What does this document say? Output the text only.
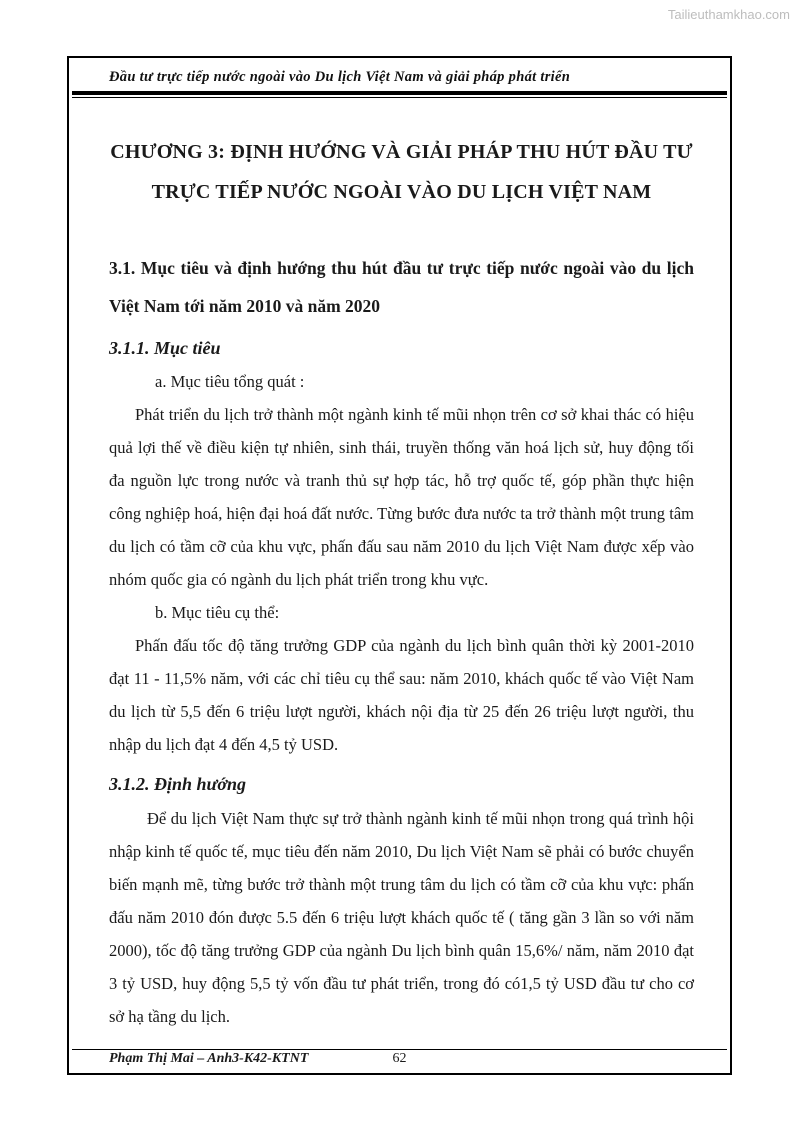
Tailieuthamkhao.com
Đầu tư trực tiếp nước ngoài vào Du lịch Việt Nam và giải pháp phát triển
CHƯƠNG 3: ĐỊNH HƯỚNG VÀ GIẢI PHÁP THU HÚT ĐẦU TƯ TRỰC TIẾP NƯỚC NGOÀI VÀO DU LỊCH VIỆT NAM
3.1. Mục tiêu và định hướng thu hút đầu tư trực tiếp nước ngoài vào du lịch Việt Nam tới năm 2010 và năm 2020
3.1.1. Mục tiêu

a. Mục tiêu tổng quát :

Phát triển du lịch trở thành một ngành kinh tế mũi nhọn trên cơ sở khai thác có hiệu quả lợi thế về điều kiện tự nhiên, sinh thái, truyền thống văn hoá lịch sử, huy động tối đa nguồn lực trong nước và tranh thủ sự hợp tác, hỗ trợ quốc tế, góp phần thực hiện công nghiệp hoá, hiện đại hoá đất nước. Từng bước đưa nước ta trở thành một trung tâm du lịch có tầm cỡ của khu vực, phấn đấu sau năm 2010 du lịch Việt Nam được xếp vào nhóm quốc gia có ngành du lịch phát triển trong khu vực.

b. Mục tiêu cụ thể:

Phấn đấu tốc độ tăng trưởng GDP của ngành du lịch bình quân thời kỳ 2001-2010 đạt 11 - 11,5% năm, với các chỉ tiêu cụ thể sau: năm 2010, khách quốc tế vào Việt Nam du lịch từ 5,5 đến 6 triệu lượt người, khách nội địa từ 25 đến 26 triệu lượt người, thu nhập du lịch đạt 4 đến 4,5 tỷ USD.

3.1.2. Định hướng

Để du lịch Việt Nam thực sự trở thành ngành kinh tế mũi nhọn trong quá trình hội nhập kinh tế quốc tế, mục tiêu đến năm 2010, Du lịch Việt Nam sẽ phải có bước chuyển biến mạnh mẽ, từng bước trở thành một trung tâm du lịch có tầm cỡ của khu vực: phấn đấu năm 2010 đón được 5.5 đến 6 triệu lượt khách quốc tế ( tăng gần 3 lần so với năm 2000), tốc độ tăng trưởng GDP của ngành Du lịch bình quân 15,6%/ năm, năm 2010 đạt 3 tỷ USD, huy động 5,5 tỷ vốn đầu tư phát triển, trong đó có1,5 tỷ USD đầu tư cho cơ sở hạ tầng du lịch.

Phạm Thị Mai – Anh3-K42-KTNT	62
